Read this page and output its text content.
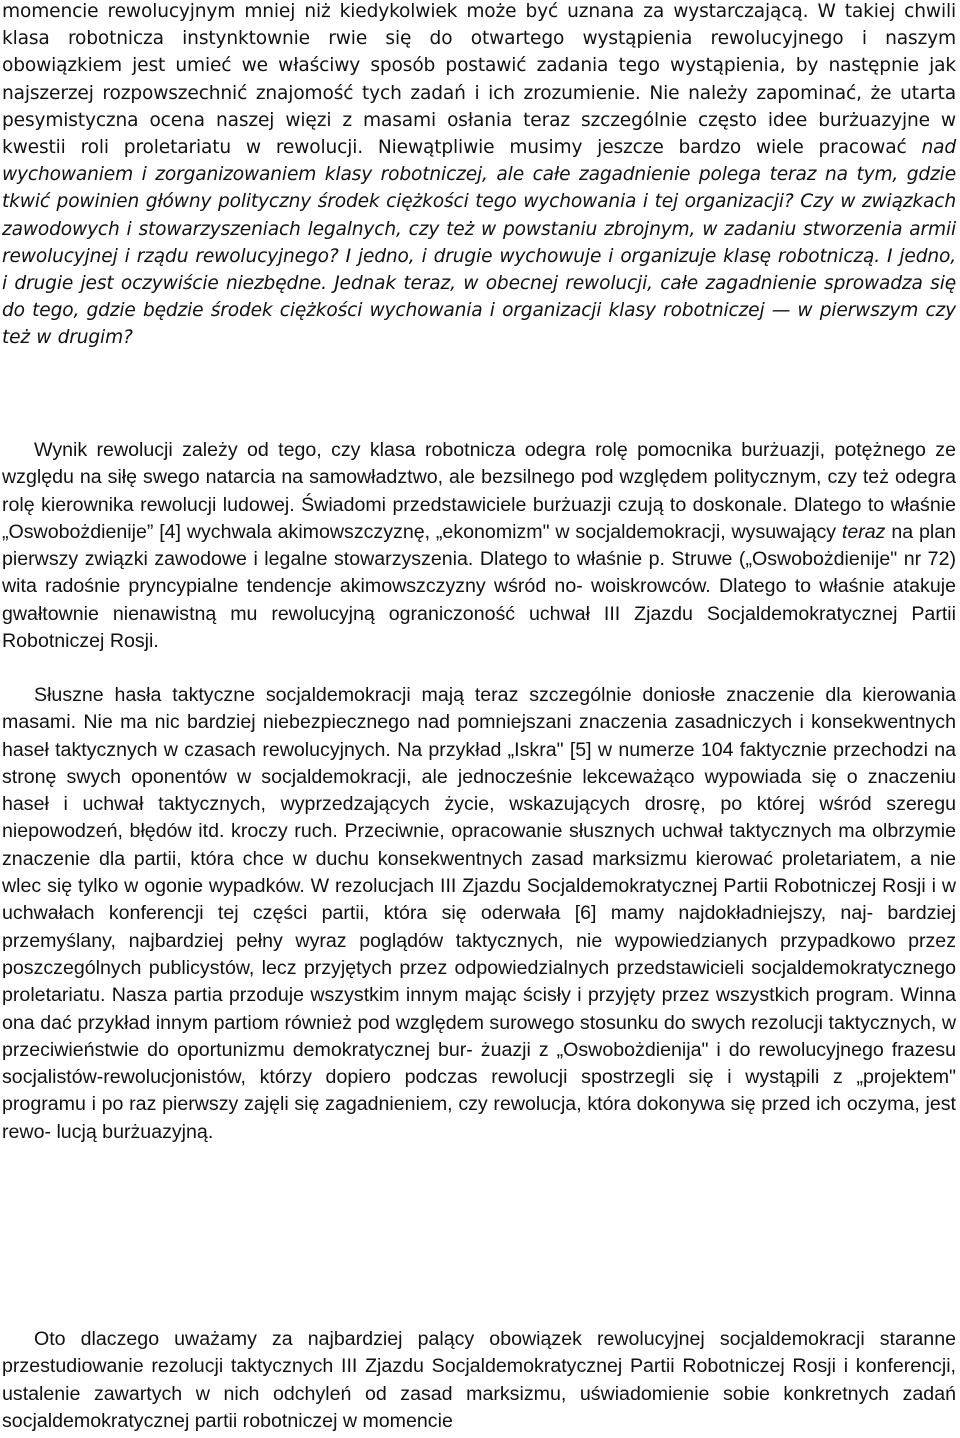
momencie rewolucyjnym mniej niż kiedykolwiek może być uznana za wystarczającą. W takiej chwili klasa robotnicza instynktownie rwie się do otwartego wystąpienia rewolucyjnego i naszym obowiązkiem jest umieć we właściwy sposób postawić zadania tego wystąpienia, by następnie jak najszerzej rozpowszechnić znajomość tych zadań i ich zrozumienie. Nie należy zapominać, że utarta pesymistyczna ocena naszej więzi z masami osłania teraz szczególnie często idee burżuazyjne w kwestii roli proletariatu w rewolucji. Niewątpliwie musimy jeszcze bardzo wiele pracować nad wychowaniem i zorganizowaniem klasy robotniczej, ale całe zagadnienie polega teraz na tym, gdzie tkwić powinien główny polityczny środek ciężkości tego wychowania i tej organizacji? Czy w związkach zawodowych i stowarzyszeniach legalnych, czy też w powstaniu zbrojnym, w zadaniu stworzenia armii rewolucyjnej i rządu rewolucyjnego? I jedno, i drugie wychowuje i organizuje klasę robotniczą. I jedno, i drugie jest oczywiście niezbędne. Jednak teraz, w obecnej rewolucji, całe zagadnienie sprowadza się do tego, gdzie będzie środek ciężkości wychowania i organizacji klasy robotniczej — w pierwszym czy też w drugim?

Wynik rewolucji zależy od tego, czy klasa robotnicza odegra rolę pomocnika burżuazji, potężnego ze względu na siłę swego natarcia na samowładztwo, ale bezsilnego pod względem politycznym, czy też odegra rolę kierownika rewolucji ludowej. Świadomi przedstawiciele burżuazji czują to doskonale. Dlatego to właśnie „Oswobożdienije” [4] wychwala akimowszczyznę, „ekonomizm" w socjaldemokracji, wysuwający teraz na plan pierwszy związki zawodowe i legalne stowarzyszenia. Dlatego to właśnie p. Struwe („Oswobożdienije" nr 72) wita radośnie pryncypialne tendencje akimowszczyzny wśród no- woiskrowców. Dlatego to właśnie atakuje gwałtownie nienawistną mu rewolucyjną ograniczoność uchwał III Zjazdu Socjaldemokratycznej Partii Robotniczej Rosji.

Słuszne hasła taktyczne socjaldemokracji mają teraz szczególnie doniosłe znaczenie dla kierowania masami. Nie ma nic bardziej niebezpiecznego nad pomniejszani znaczenia zasadniczych i konsekwentnych haseł taktycznych w czasach rewolucyjnych. Na przykład „Iskra" [5] w numerze 104 faktycznie przechodzi na stronę swych oponentów w socjaldemokracji, ale jednocześnie lekceważąco wypowiada się o znaczeniu haseł i uchwał taktycznych, wyprzedzających życie, wskazujących drosrę, po której wśród szeregu niepowodzeń, błędów itd. kroczy ruch. Przeciwnie, opracowanie słusznych uchwał taktycznych ma olbrzymie znaczenie dla partii, która chce w duchu konsekwentnych zasad marksizmu kierować proletariatem, a nie wlec się tylko w ogonie wypadków. W rezolucjach III Zjazdu Socjaldemokratycznej Partii Robotniczej Rosji i w uchwałach konferencji tej części partii, która się oderwała [6] mamy najdokładniejszy, naj- bardziej przemyślany, najbardziej pełny wyraz poglądów taktycznych, nie wypowiedzianych przypadkowo przez poszczególnych publicystów, lecz przyjętych przez odpowiedzialnych przedstawicieli socjaldemokratycznego proletariatu. Nasza partia przoduje wszystkim innym mając ścisły i przyjęty przez wszystkich program. Winna ona dać przykład innym partiom również pod względem surowego stosunku do swych rezolucji taktycznych, w przeciwieństwie do oportunizmu demokratycznej bur- żuazji z „Oswobożdienija" i do rewolucyjnego frazesu socjalistów-rewolucjonistów, którzy dopiero podczas rewolucji spostrzegli się i wystąpili z „projektem" programu i po raz pierwszy zajęli się zagadnieniem, czy rewolucja, która dokonywa się przed ich oczyma, jest rewo- lucją burżuazyjną.

Oto dlaczego uważamy za najbardziej palący obowiązek rewolucyjnej socjaldemokracji staranne przestudiowanie rezolucji taktycznych III Zjazdu Socjaldemokratycznej Partii Robotniczej Rosji i konferencji, ustalenie zawartych w nich odchyleń od zasad marksizmu, uświadomienie sobie konkretnych zadań socjaldemokratycznej partii robotniczej w momencie
